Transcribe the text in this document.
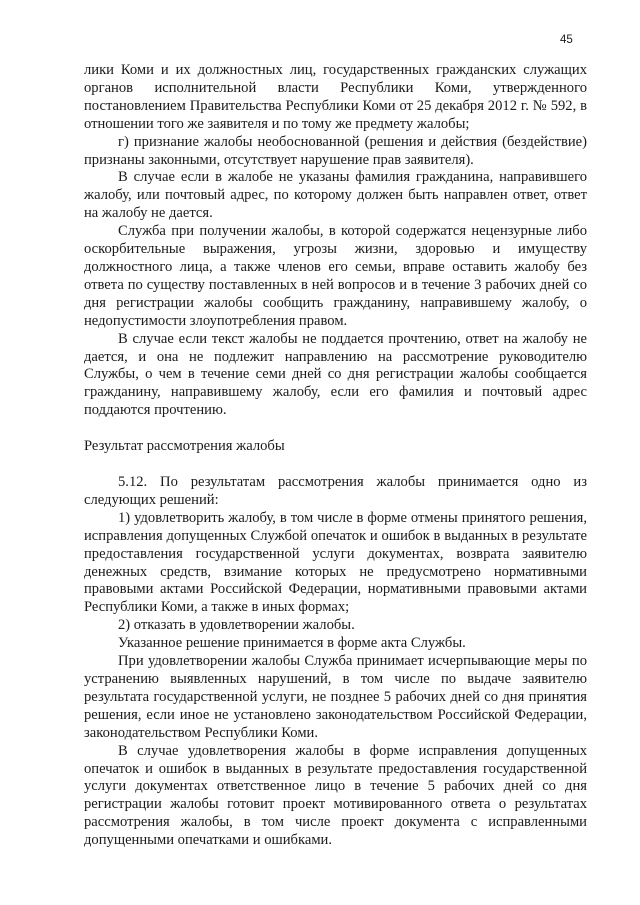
45

лики Коми и их должностных лиц, государственных гражданских служащих органов исполнительной власти Республики Коми, утвержденного постановлением Правительства Республики Коми от 25 декабря 2012 г. № 592, в отношении того же заявителя и по тому же предмету жалобы;

г) признание жалобы необоснованной (решения и действия (бездействие) признаны законными, отсутствует нарушение прав заявителя).

В случае если в жалобе не указаны фамилия гражданина, направившего жалобу, или почтовый адрес, по которому должен быть направлен ответ, ответ на жалобу не дается.

Служба при получении жалобы, в которой содержатся нецензурные либо оскорбительные выражения, угрозы жизни, здоровью и имуществу должностного лица, а также членов его семьи, вправе оставить жалобу без ответа по существу поставленных в ней вопросов и в течение 3 рабочих дней со дня регистрации жалобы сообщить гражданину, направившему жалобу, о недопустимости злоупотребления правом.

В случае если текст жалобы не поддается прочтению, ответ на жалобу не дается, и она не подлежит направлению на рассмотрение руководителю Службы, о чем в течение семи дней со дня регистрации жалобы сообщается гражданину, направившему жалобу, если его фамилия и почтовый адрес поддаются прочтению.

Результат рассмотрения жалобы

5.12. По результатам рассмотрения жалобы принимается одно из следующих решений:

1) удовлетворить жалобу, в том числе в форме отмены принятого решения, исправления допущенных Службой опечаток и ошибок в выданных в результате предоставления государственной услуги документах, возврата заявителю денежных средств, взимание которых не предусмотрено нормативными правовыми актами Российской Федерации, нормативными правовыми актами Республики Коми, а также в иных формах;

2) отказать в удовлетворении жалобы.

Указанное решение принимается в форме акта Службы.

При удовлетворении жалобы Служба принимает исчерпывающие меры по устранению выявленных нарушений, в том числе по выдаче заявителю результата государственной услуги, не позднее 5 рабочих дней со дня принятия решения, если иное не установлено законодательством Российской Федерации, законодательством Республики Коми.

В случае удовлетворения жалобы в форме исправления допущенных опечаток и ошибок в выданных в результате предоставления государственной услуги документах ответственное лицо в течение 5 рабочих дней со дня регистрации жалобы готовит проект мотивированного ответа о результатах рассмотрения жалобы, в том числе проект документа с исправленными допущенными опечатками и ошибками.
